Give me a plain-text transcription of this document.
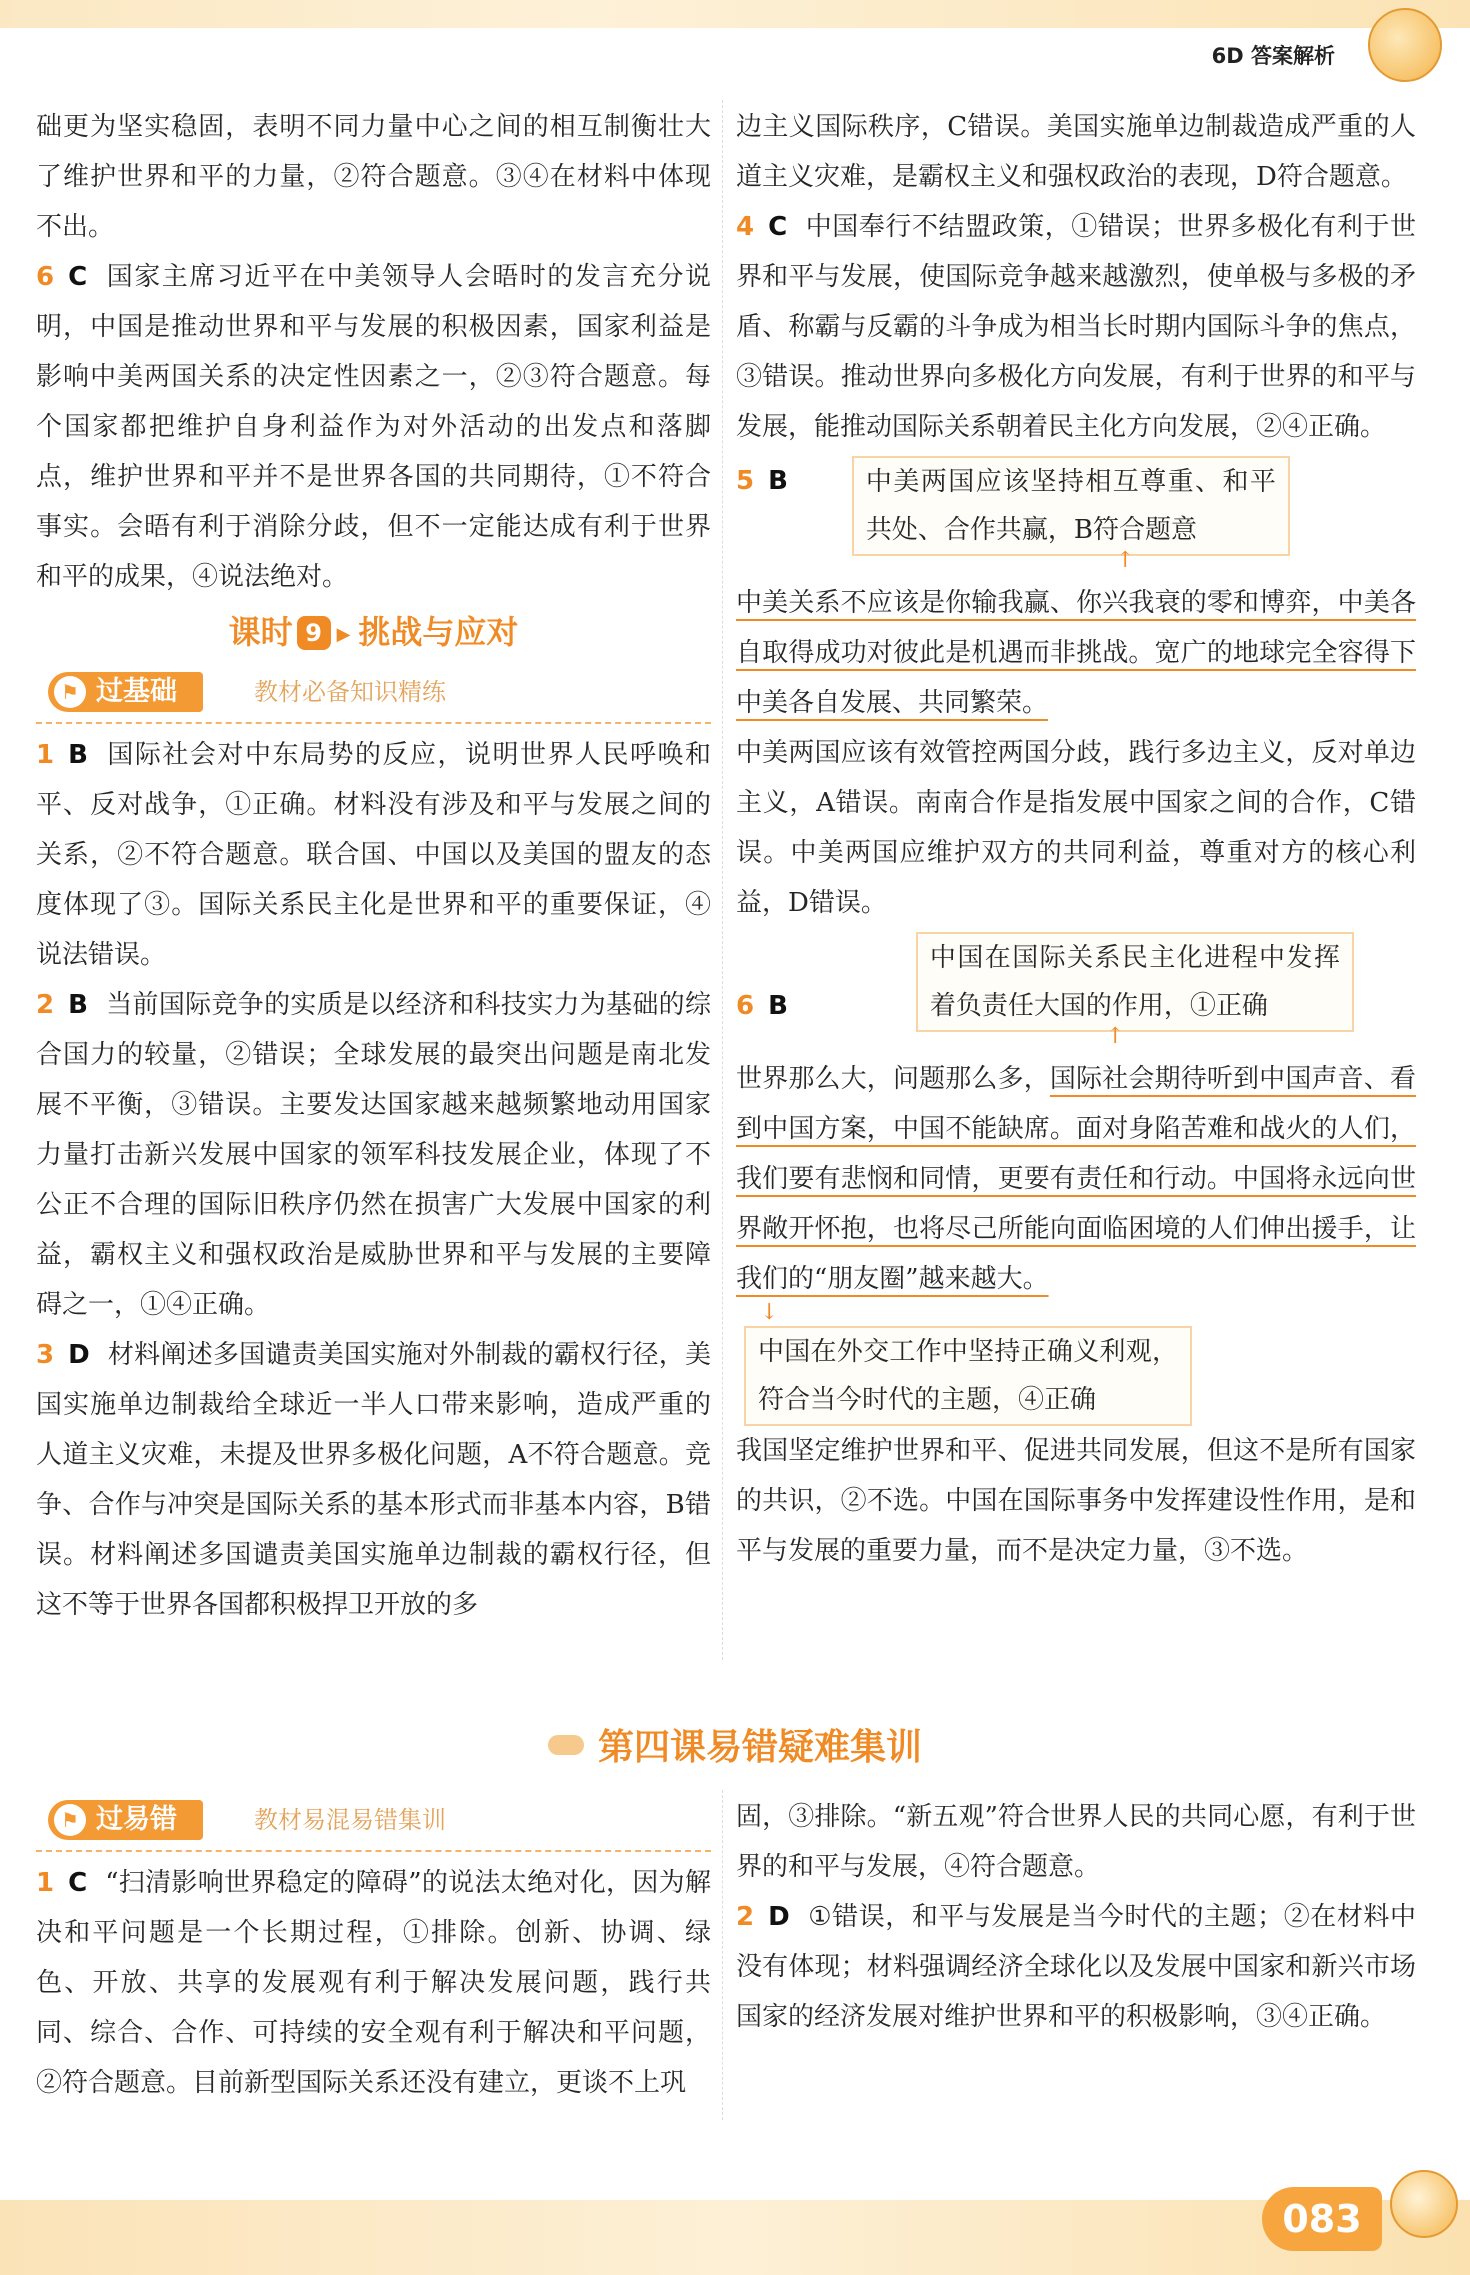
6D 答案解析

础更为坚实稳固，表明不同力量中心之间的相互制衡壮大了维护世界和平的力量，②符合题意。③④在材料中体现不出。

6 C 国家主席习近平在中美领导人会晤时的发言充分说明，中国是推动世界和平与发展的积极因素，国家利益是影响中美两国关系的决定性因素之一，②③符合题意。每个国家都把维护自身利益作为对外活动的出发点和落脚点，维护世界和平并不是世界各国的共同期待，①不符合事实。会晤有利于消除分歧，但不一定能达成有利于世界和平的成果，④说法绝对。

课时 9 ▶ 挑战与应对
⚑ 过基础	教材必备知识精练

1 B 国际社会对中东局势的反应，说明世界人民呼唤和平、反对战争，①正确。材料没有涉及和平与发展之间的关系，②不符合题意。联合国、中国以及美国的盟友的态度体现了③。国际关系民主化是世界和平的重要保证，④说法错误。

2 B 当前国际竞争的实质是以经济和科技实力为基础的综合国力的较量，②错误；全球发展的最突出问题是南北发展不平衡，③错误。主要发达国家越来越频繁地动用国家力量打击新兴发展中国家的领军科技发展企业，体现了不公正不合理的国际旧秩序仍然在损害广大发展中国家的利益，霸权主义和强权政治是威胁世界和平与发展的主要障碍之一，①④正确。

3 D 材料阐述多国谴责美国实施对外制裁的霸权行径，美国实施单边制裁给全球近一半人口带来影响，造成严重的人道主义灾难，未提及世界多极化问题，A不符合题意。竞争、合作与冲突是国际关系的基本形式而非基本内容，B错误。材料阐述多国谴责美国实施单边制裁的霸权行径，但这不等于世界各国都积极捍卫开放的多

边主义国际秩序，C错误。美国实施单边制裁造成严重的人道主义灾难，是霸权主义和强权政治的表现，D符合题意。

4 C 中国奉行不结盟政策，①错误；世界多极化有利于世界和平与发展，使国际竞争越来越激烈，使单极与多极的矛盾、称霸与反霸的斗争成为相当长时期内国际斗争的焦点，③错误。推动世界向多极化方向发展，有利于世界的和平与发展，能推动国际关系朝着民主化方向发展，②④正确。

5 B	中美两国应该坚持相互尊重、和平共处、合作共赢，B符合题意

↑

中美关系不应该是你输我赢、你兴我衰的零和博弈，中美各自取得成功对彼此是机遇而非挑战。宽广的地球完全容得下中美各自发展、共同繁荣。

中美两国应该有效管控两国分歧，践行多边主义，反对单边主义，A错误。南南合作是指发展中国家之间的合作，C错误。中美两国应维护双方的共同利益，尊重对方的核心利益，D错误。

6 B中国在国际关系民主化进程中发挥着负责任大国的作用，①正确

↑

世界那么大，问题那么多，国际社会期待听到中国声音、看到中国方案，中国不能缺席。面对身陷苦难和战火的人们，我们要有悲悯和同情，更要有责任和行动。中国将永远向世界敞开怀抱，也将尽己所能向面临困境的人们伸出援手，让我们的“朋友圈”越来越大。

↓

中国在外交工作中坚持正确义利观，符合当今时代的主题，④正确

我国坚定维护世界和平、促进共同发展，但这不是所有国家的共识，②不选。中国在国际事务中发挥建设性作用，是和平与发展的重要力量，而不是决定力量，③不选。

第四课易错疑难集训
⚑ 过易错	教材易混易错集训

1 C “扫清影响世界稳定的障碍”的说法太绝对化，因为解决和平问题是一个长期过程，①排除。创新、协调、绿色、开放、共享的发展观有利于解决发展问题，践行共同、综合、合作、可持续的安全观有利于解决和平问题，②符合题意。目前新型国际关系还没有建立，更谈不上巩

固，③排除。“新五观”符合世界人民的共同心愿，有利于世界的和平与发展，④符合题意。

2 D ①错误，和平与发展是当今时代的主题；②在材料中没有体现；材料强调经济全球化以及发展中国家和新兴市场国家的经济发展对维护世界和平的积极影响，③④正确。

083
